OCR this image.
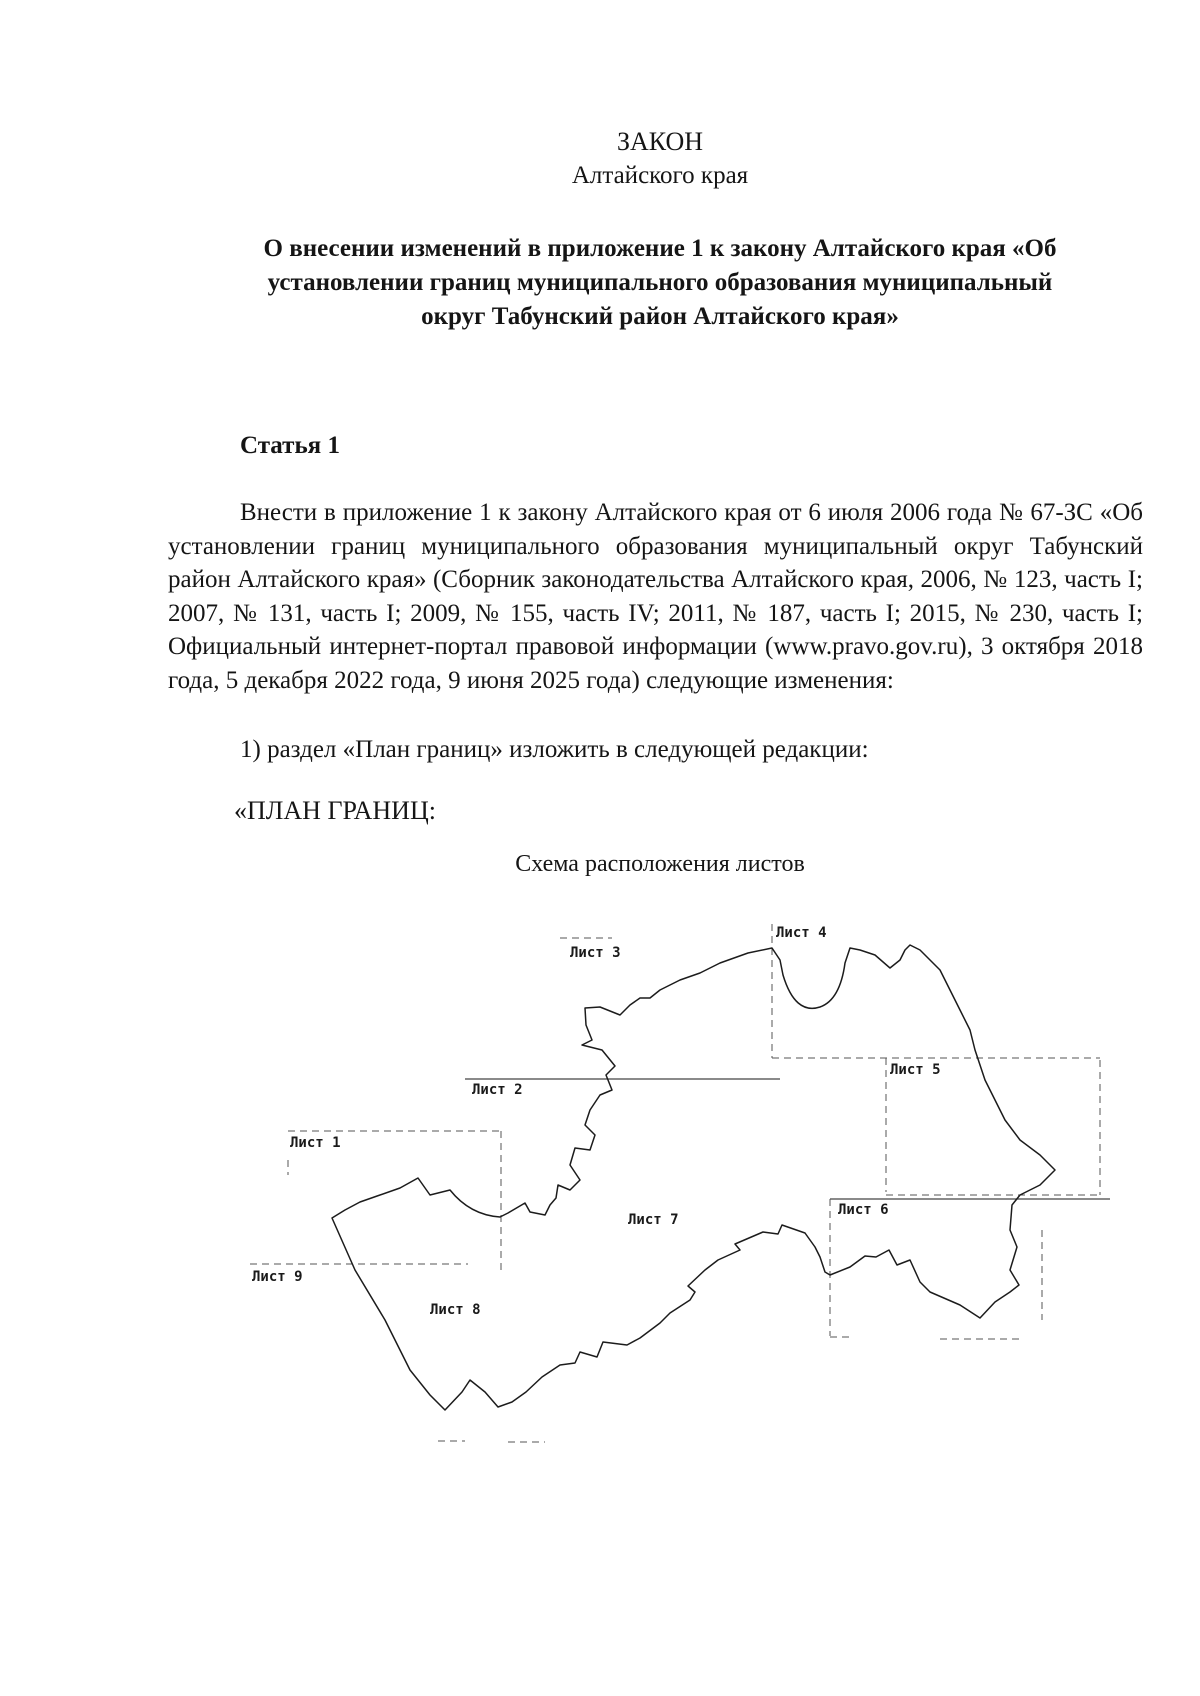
ЗАКОН
Алтайского края
О внесении изменений в приложение 1 к закону Алтайского края «Об установлении границ муниципального образования муниципальный округ Табунский район Алтайского края»
Статья 1

Внести в приложение 1 к закону Алтайского края от 6 июля 2006 года № 67-ЗС «Об установлении границ муниципального образования муниципальный округ Табунский район Алтайского края» (Сборник законодательства Алтайского края, 2006, № 123, часть I; 2007, № 131, часть I; 2009, № 155, часть IV; 2011, № 187, часть I; 2015, № 230, часть I; Официальный интернет-портал правовой информации (www.pravo.gov.ru), 3 октября 2018 года, 5 декабря 2022 года, 9 июня 2025 года) следующие изменения:

1) раздел «План границ» изложить в следующей редакции:
«ПЛАН ГРАНИЦ:
Схема расположения листов
Лист 1
Лист 2
Лист 3
Лист 4
Лист 5
Лист 6
Лист 7
Лист 8
Лист 9
